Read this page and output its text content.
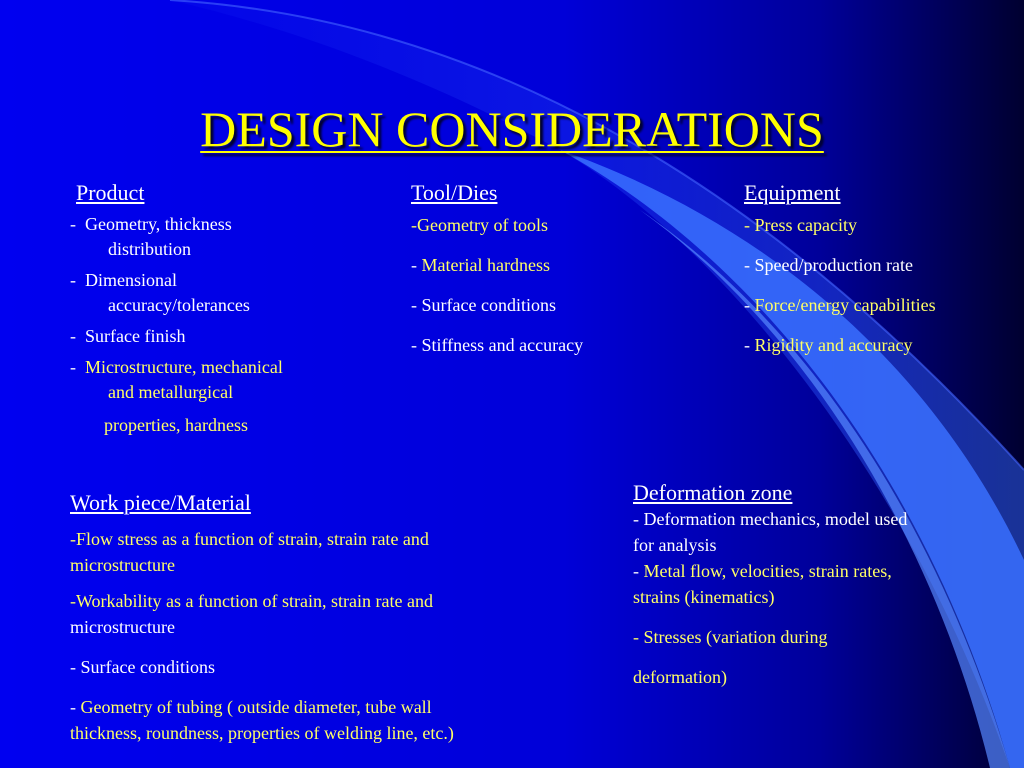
DESIGN CONSIDERATIONS
Product
- Geometry, thickness
distribution
- Dimensional
accuracy/tolerances
- Surface finish
- Microstructure, mechanical
and metallurgical
properties, hardness
Tool/Dies
-Geometry of tools
- Material hardness
- Surface conditions
- Stiffness and accuracy
Equipment
- Press capacity
- Speed/production rate
- Force/energy capabilities
- Rigidity and accuracy
Work piece/Material
-Flow stress as a function of strain, strain rate and
microstructure
-Workability as a function of strain, strain rate and
microstructure
- Surface conditions
- Geometry of tubing ( outside diameter, tube wall
thickness, roundness, properties of welding line, etc.)
Deformation zone
- Deformation mechanics, model used
for analysis
- Metal flow, velocities, strain rates,
strains (kinematics)
- Stresses (variation during
deformation)
